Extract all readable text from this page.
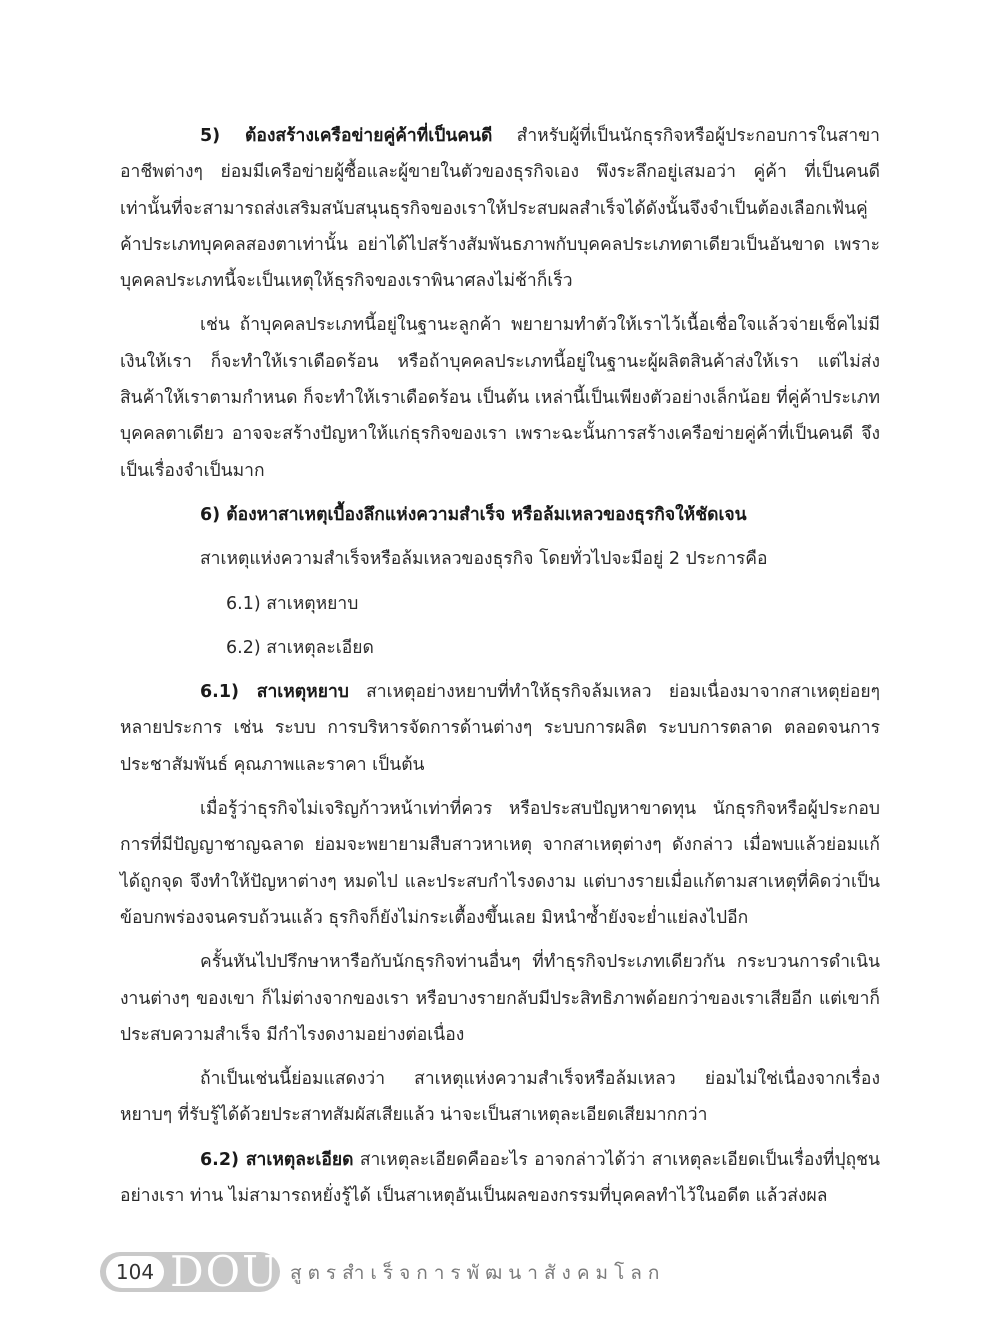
5) ต้องสร้างเครือข่ายคู่ค้าที่เป็นคนดี สำหรับผู้ที่เป็นนักธุรกิจหรือผู้ประกอบการในสาขาอาชีพต่างๆ ย่อมมีเครือข่ายผู้ซื้อและผู้ขายในตัวของธุรกิจเอง พึงระลึกอยู่เสมอว่า คู่ค้า ที่เป็นคนดีเท่านั้นที่จะสามารถส่งเสริมสนับสนุนธุรกิจของเราให้ประสบผลสำเร็จได้ดังนั้นจึงจำเป็นต้องเลือกเฟ้นคู่ค้าประเภทบุคคลสองตาเท่านั้น อย่าได้ไปสร้างสัมพันธภาพกับบุคคลประเภทตาเดียวเป็นอันขาด เพราะบุคคลประเภทนี้จะเป็นเหตุให้ธุรกิจของเราพินาศลงไม่ช้าก็เร็ว

เช่น ถ้าบุคคลประเภทนี้อยู่ในฐานะลูกค้า พยายามทำตัวให้เราไว้เนื้อเชื่อใจแล้วจ่ายเช็คไม่มีเงินให้เรา ก็จะทำให้เราเดือดร้อน หรือถ้าบุคคลประเภทนี้อยู่ในฐานะผู้ผลิตสินค้าส่งให้เรา แต่ไม่ส่งสินค้าให้เราตามกำหนด ก็จะทำให้เราเดือดร้อน เป็นต้น เหล่านี้เป็นเพียงตัวอย่างเล็กน้อย ที่คู่ค้าประเภทบุคคลตาเดียว อาจจะสร้างปัญหาให้แก่ธุรกิจของเรา เพราะฉะนั้นการสร้างเครือข่ายคู่ค้าที่เป็นคนดี จึงเป็นเรื่องจำเป็นมาก

6) ต้องหาสาเหตุเบื้องลึกแห่งความสำเร็จ หรือล้มเหลวของธุรกิจให้ชัดเจน

สาเหตุแห่งความสำเร็จหรือล้มเหลวของธุรกิจ โดยทั่วไปจะมีอยู่ 2 ประการคือ

6.1) สาเหตุหยาบ

6.2) สาเหตุละเอียด

6.1) สาเหตุหยาบ สาเหตุอย่างหยาบที่ทำให้ธุรกิจล้มเหลว ย่อมเนื่องมาจากสาเหตุย่อยๆ หลายประการ เช่น ระบบ การบริหารจัดการด้านต่างๆ ระบบการผลิต ระบบการตลาด ตลอดจนการประชาสัมพันธ์ คุณภาพและราคา เป็นต้น

เมื่อรู้ว่าธุรกิจไม่เจริญก้าวหน้าเท่าที่ควร หรือประสบปัญหาขาดทุน นักธุรกิจหรือผู้ประกอบการที่มีปัญญาชาญฉลาด ย่อมจะพยายามสืบสาวหาเหตุ จากสาเหตุต่างๆ ดังกล่าว เมื่อพบแล้วย่อมแก้ได้ถูกจุด จึงทำให้ปัญหาต่างๆ หมดไป และประสบกำไรงดงาม แต่บางรายเมื่อแก้ตามสาเหตุที่คิดว่าเป็นข้อบกพร่องจนครบถ้วนแล้ว ธุรกิจก็ยังไม่กระเตื้องขึ้นเลย มิหนำซ้ำยังจะย่ำแย่ลงไปอีก

ครั้นหันไปปรึกษาหารือกับนักธุรกิจท่านอื่นๆ ที่ทำธุรกิจประเภทเดียวกัน กระบวนการดำเนินงานต่างๆ ของเขา ก็ไม่ต่างจากของเรา หรือบางรายกลับมีประสิทธิภาพด้อยกว่าของเราเสียอีก แต่เขาก็ประสบความสำเร็จ มีกำไรงดงามอย่างต่อเนื่อง

ถ้าเป็นเช่นนี้ย่อมแสดงว่า สาเหตุแห่งความสำเร็จหรือล้มเหลว ย่อมไม่ใช่เนื่องจากเรื่องหยาบๆ ที่รับรู้ได้ด้วยประสาทสัมผัสเสียแล้ว น่าจะเป็นสาเหตุละเอียดเสียมากกว่า

6.2) สาเหตุละเอียด สาเหตุละเอียดคืออะไร อาจกล่าวได้ว่า สาเหตุละเอียดเป็นเรื่องที่ปุถุชนอย่างเรา ท่าน ไม่สามารถหยั่งรู้ได้ เป็นสาเหตุอันเป็นผลของกรรมที่บุคคลทำไว้ในอดีต แล้วส่งผล

104 DOU สูตรสำเร็จการพัฒนาสังคมโลก
